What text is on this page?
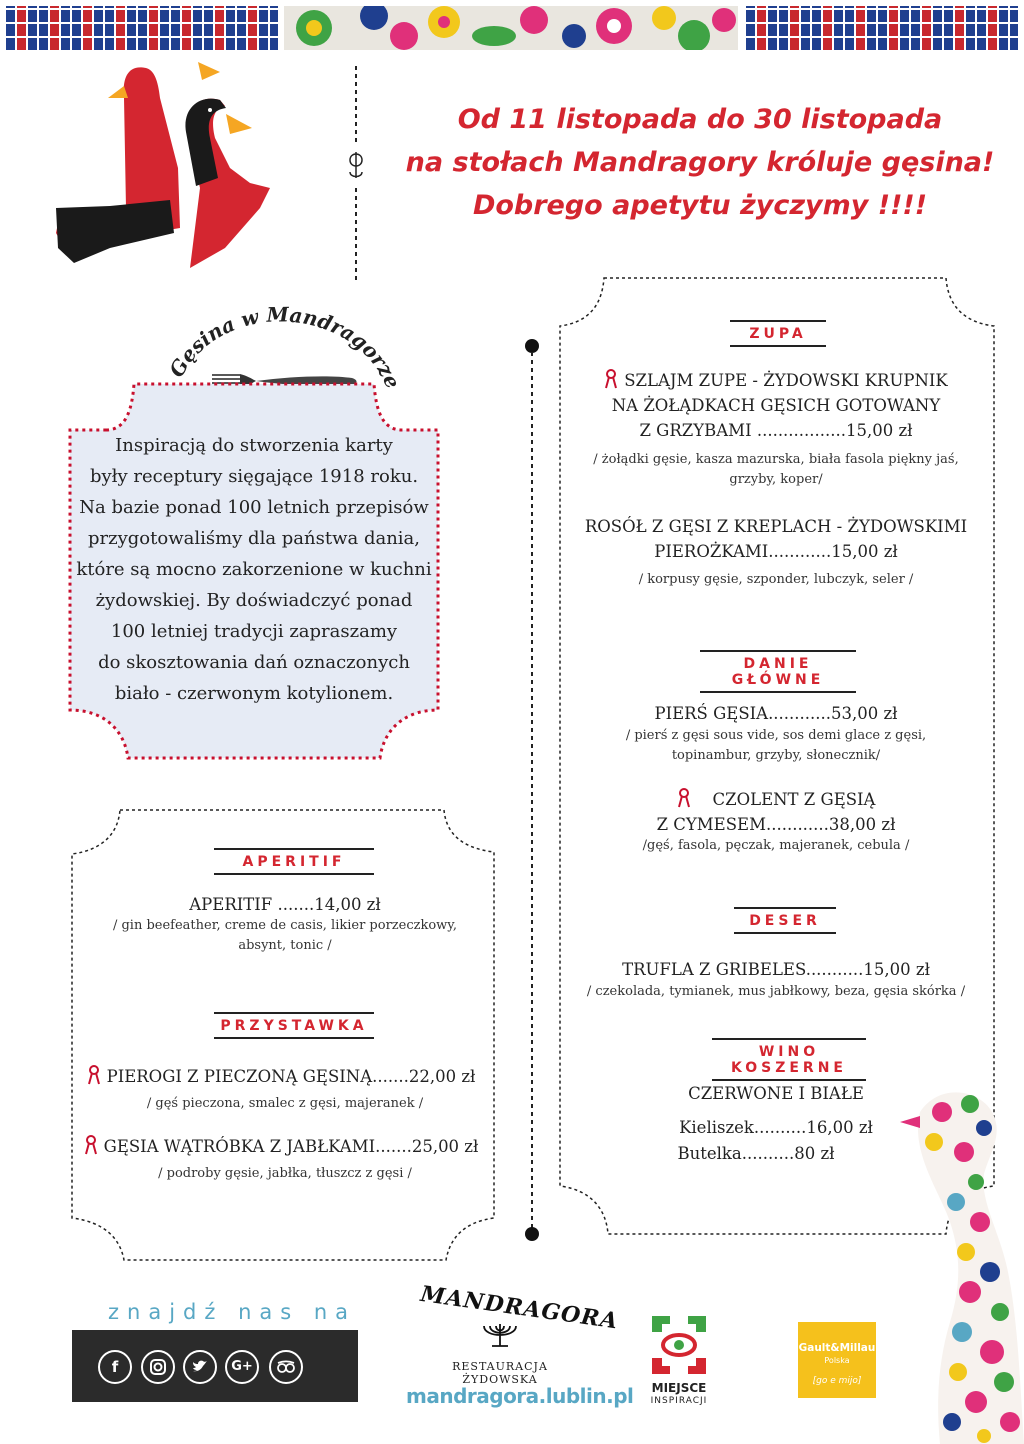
Od 11 listopada do 30 listopada
na stołach Mandragory króluje gęsina!
Dobrego apetytu życzymy !!!!
Gęsina w Mandragorze
Inspiracją do stworzenia karty
były receptury sięgające 1918 roku.
Na bazie ponad 100 letnich przepisów
przygotowaliśmy dla państwa dania,
które są mocno zakorzenione w kuchni
żydowskiej. By doświadczyć ponad
100 letniej tradycji zapraszamy
do skosztowania dań oznaczonych
biało - czerwonym kotylionem.
APERITIF
APERITIF .......14,00 zł
/ gin beefeather, creme de casis, likier porzeczkowy,
absynt, tonic /
PRZYSTAWKA
PIEROGI Z PIECZONĄ GĘSINĄ.......22,00 zł
/ gęś pieczona, smalec z gęsi, majeranek /
GĘSIA WĄTRÓBKA Z JABŁKAMI.......25,00 zł
/ podroby gęsie, jabłka, tłuszcz z gęsi /
ZUPA
SZLAJM ZUPE - ŻYDOWSKI KRUPNIK
NA ŻOŁĄDKACH GĘSICH GOTOWANY
Z GRZYBAMI .................15,00 zł
/ żołądki gęsie, kasza mazurska, biała fasola piękny jaś,
grzyby, koper/
ROSÓŁ Z GĘSI Z KREPLACH - ŻYDOWSKIMI
PIEROŻKAMI............15,00 zł
/ korpusy gęsie, szponder, lubczyk, seler /
DANIE GŁÓWNE
PIERŚ GĘSIA............53,00 zł
/ pierś z gęsi sous vide, sos demi glace z gęsi,
topinambur, grzyby, słonecznik/
CZOLENT Z GĘSIĄ
Z CYMESEM............38,00 zł
/gęś, fasola, pęczak, majeranek, cebula /
DESER
TRUFLA Z GRIBELES...........15,00 zł
/ czekolada, tymianek, mus jabłkowy, beza, gęsia skórka /
WINO KOSZERNE
CZERWONE I BIAŁE
Kieliszek..........16,00 zł
Butelka..........80 zł
znajdź nas na
f	G+
MANDRAGORA
RESTAURACJA ŻYDOWSKA
mandragora.lublin.pl	MIEJSCE
INSPIRACJI
Gault&Millau
Polska
[go e mijo]
